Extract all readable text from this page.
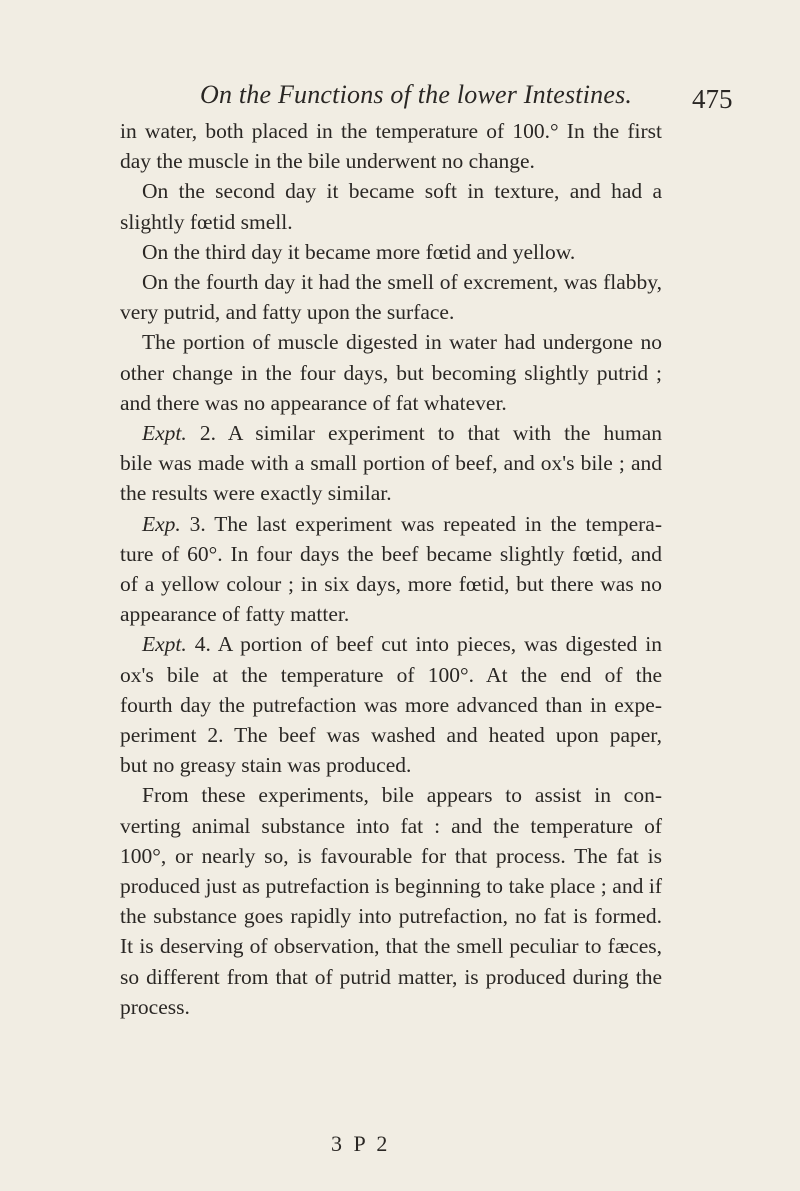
On the Functions of the lower Intestines. 475
in water, both placed in the temperature of 100.° In the first
day the muscle in the bile underwent no change.
On the second day it became soft in texture, and had a
slightly fœtid smell.
On the third day it became more fœtid and yellow.
On the fourth day it had the smell of excrement, was flabby,
very putrid, and fatty upon the surface.
The portion of muscle digested in water had undergone no
other change in the four days, but becoming slightly putrid ;
and there was no appearance of fat whatever.
Expt. 2. A similar experiment to that with the human
bile was made with a small portion of beef, and ox's bile ; and
the results were exactly similar.
Exp. 3. The last experiment was repeated in the tempera-
ture of 60°. In four days the beef became slightly fœtid, and
of a yellow colour ; in six days, more fœtid, but there was no
appearance of fatty matter.
Expt. 4. A portion of beef cut into pieces, was digested in
ox's bile at the temperature of 100°. At the end of the
fourth day the putrefaction was more advanced than in expe-
periment 2. The beef was washed and heated upon paper,
but no greasy stain was produced.
From these experiments, bile appears to assist in con-
verting animal substance into fat : and the temperature of
100°, or nearly so, is favourable for that process. The fat is
produced just as putrefaction is beginning to take place ; and if
the substance goes rapidly into putrefaction, no fat is formed.
It is deserving of observation, that the smell peculiar to fæces,
so different from that of putrid matter, is produced during the
process.
3 P 2
